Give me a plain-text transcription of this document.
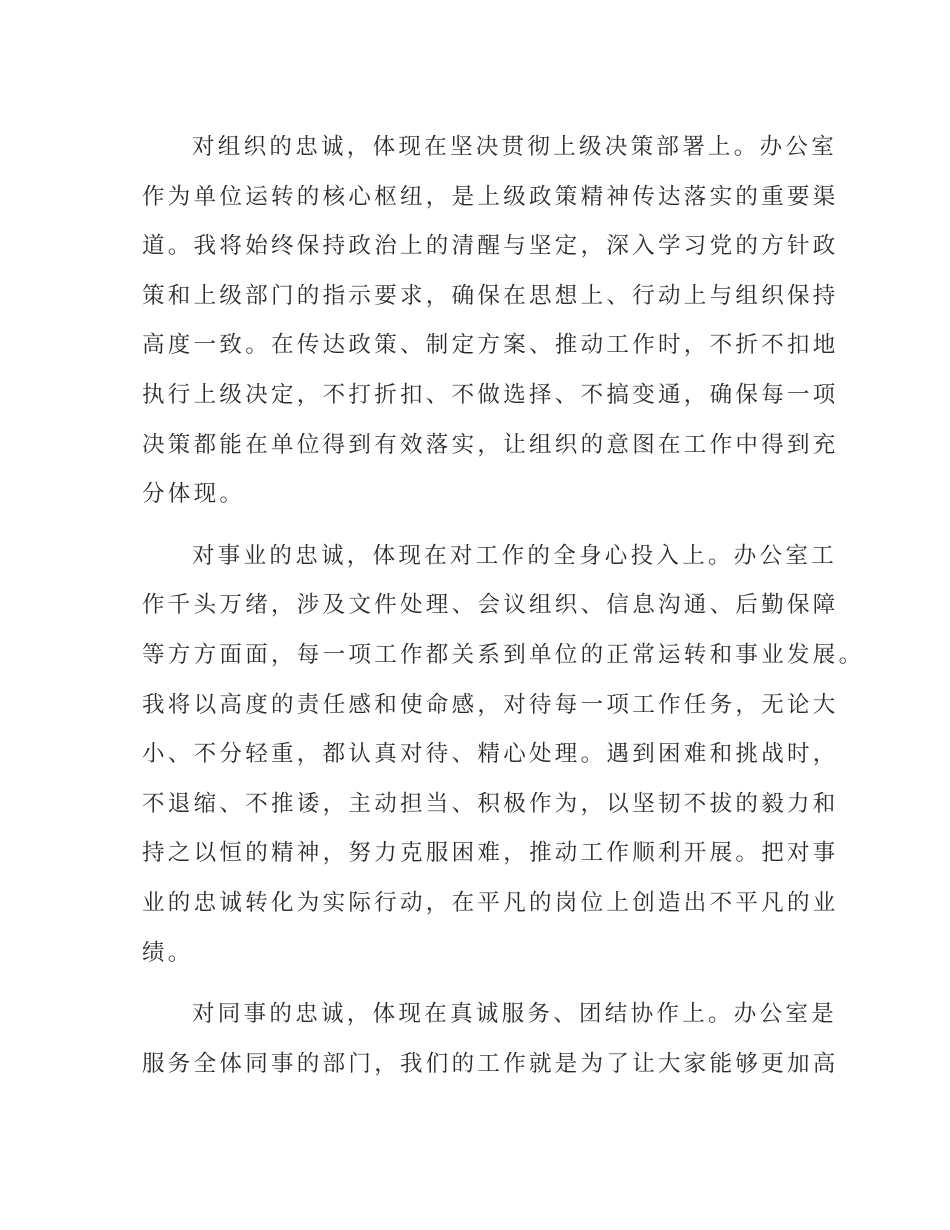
对组织的忠诚，体现在坚决贯彻上级决策部署上。办公室
作为单位运转的核心枢纽，是上级政策精神传达落实的重要渠
道。我将始终保持政治上的清醒与坚定，深入学习党的方针政
策和上级部门的指示要求，确保在思想上、行动上与组织保持
高度一致。在传达政策、制定方案、推动工作时，不折不扣地
执行上级决定，不打折扣、不做选择、不搞变通，确保每一项
决策都能在单位得到有效落实，让组织的意图在工作中得到充
分体现。
对事业的忠诚，体现在对工作的全身心投入上。办公室工
作千头万绪，涉及文件处理、会议组织、信息沟通、后勤保障
等方方面面，每一项工作都关系到单位的正常运转和事业发展。
我将以高度的责任感和使命感，对待每一项工作任务，无论大
小、不分轻重，都认真对待、精心处理。遇到困难和挑战时，
不退缩、不推诿，主动担当、积极作为，以坚韧不拔的毅力和
持之以恒的精神，努力克服困难，推动工作顺利开展。把对事
业的忠诚转化为实际行动，在平凡的岗位上创造出不平凡的业
绩。
对同事的忠诚，体现在真诚服务、团结协作上。办公室是
服务全体同事的部门，我们的工作就是为了让大家能够更加高
